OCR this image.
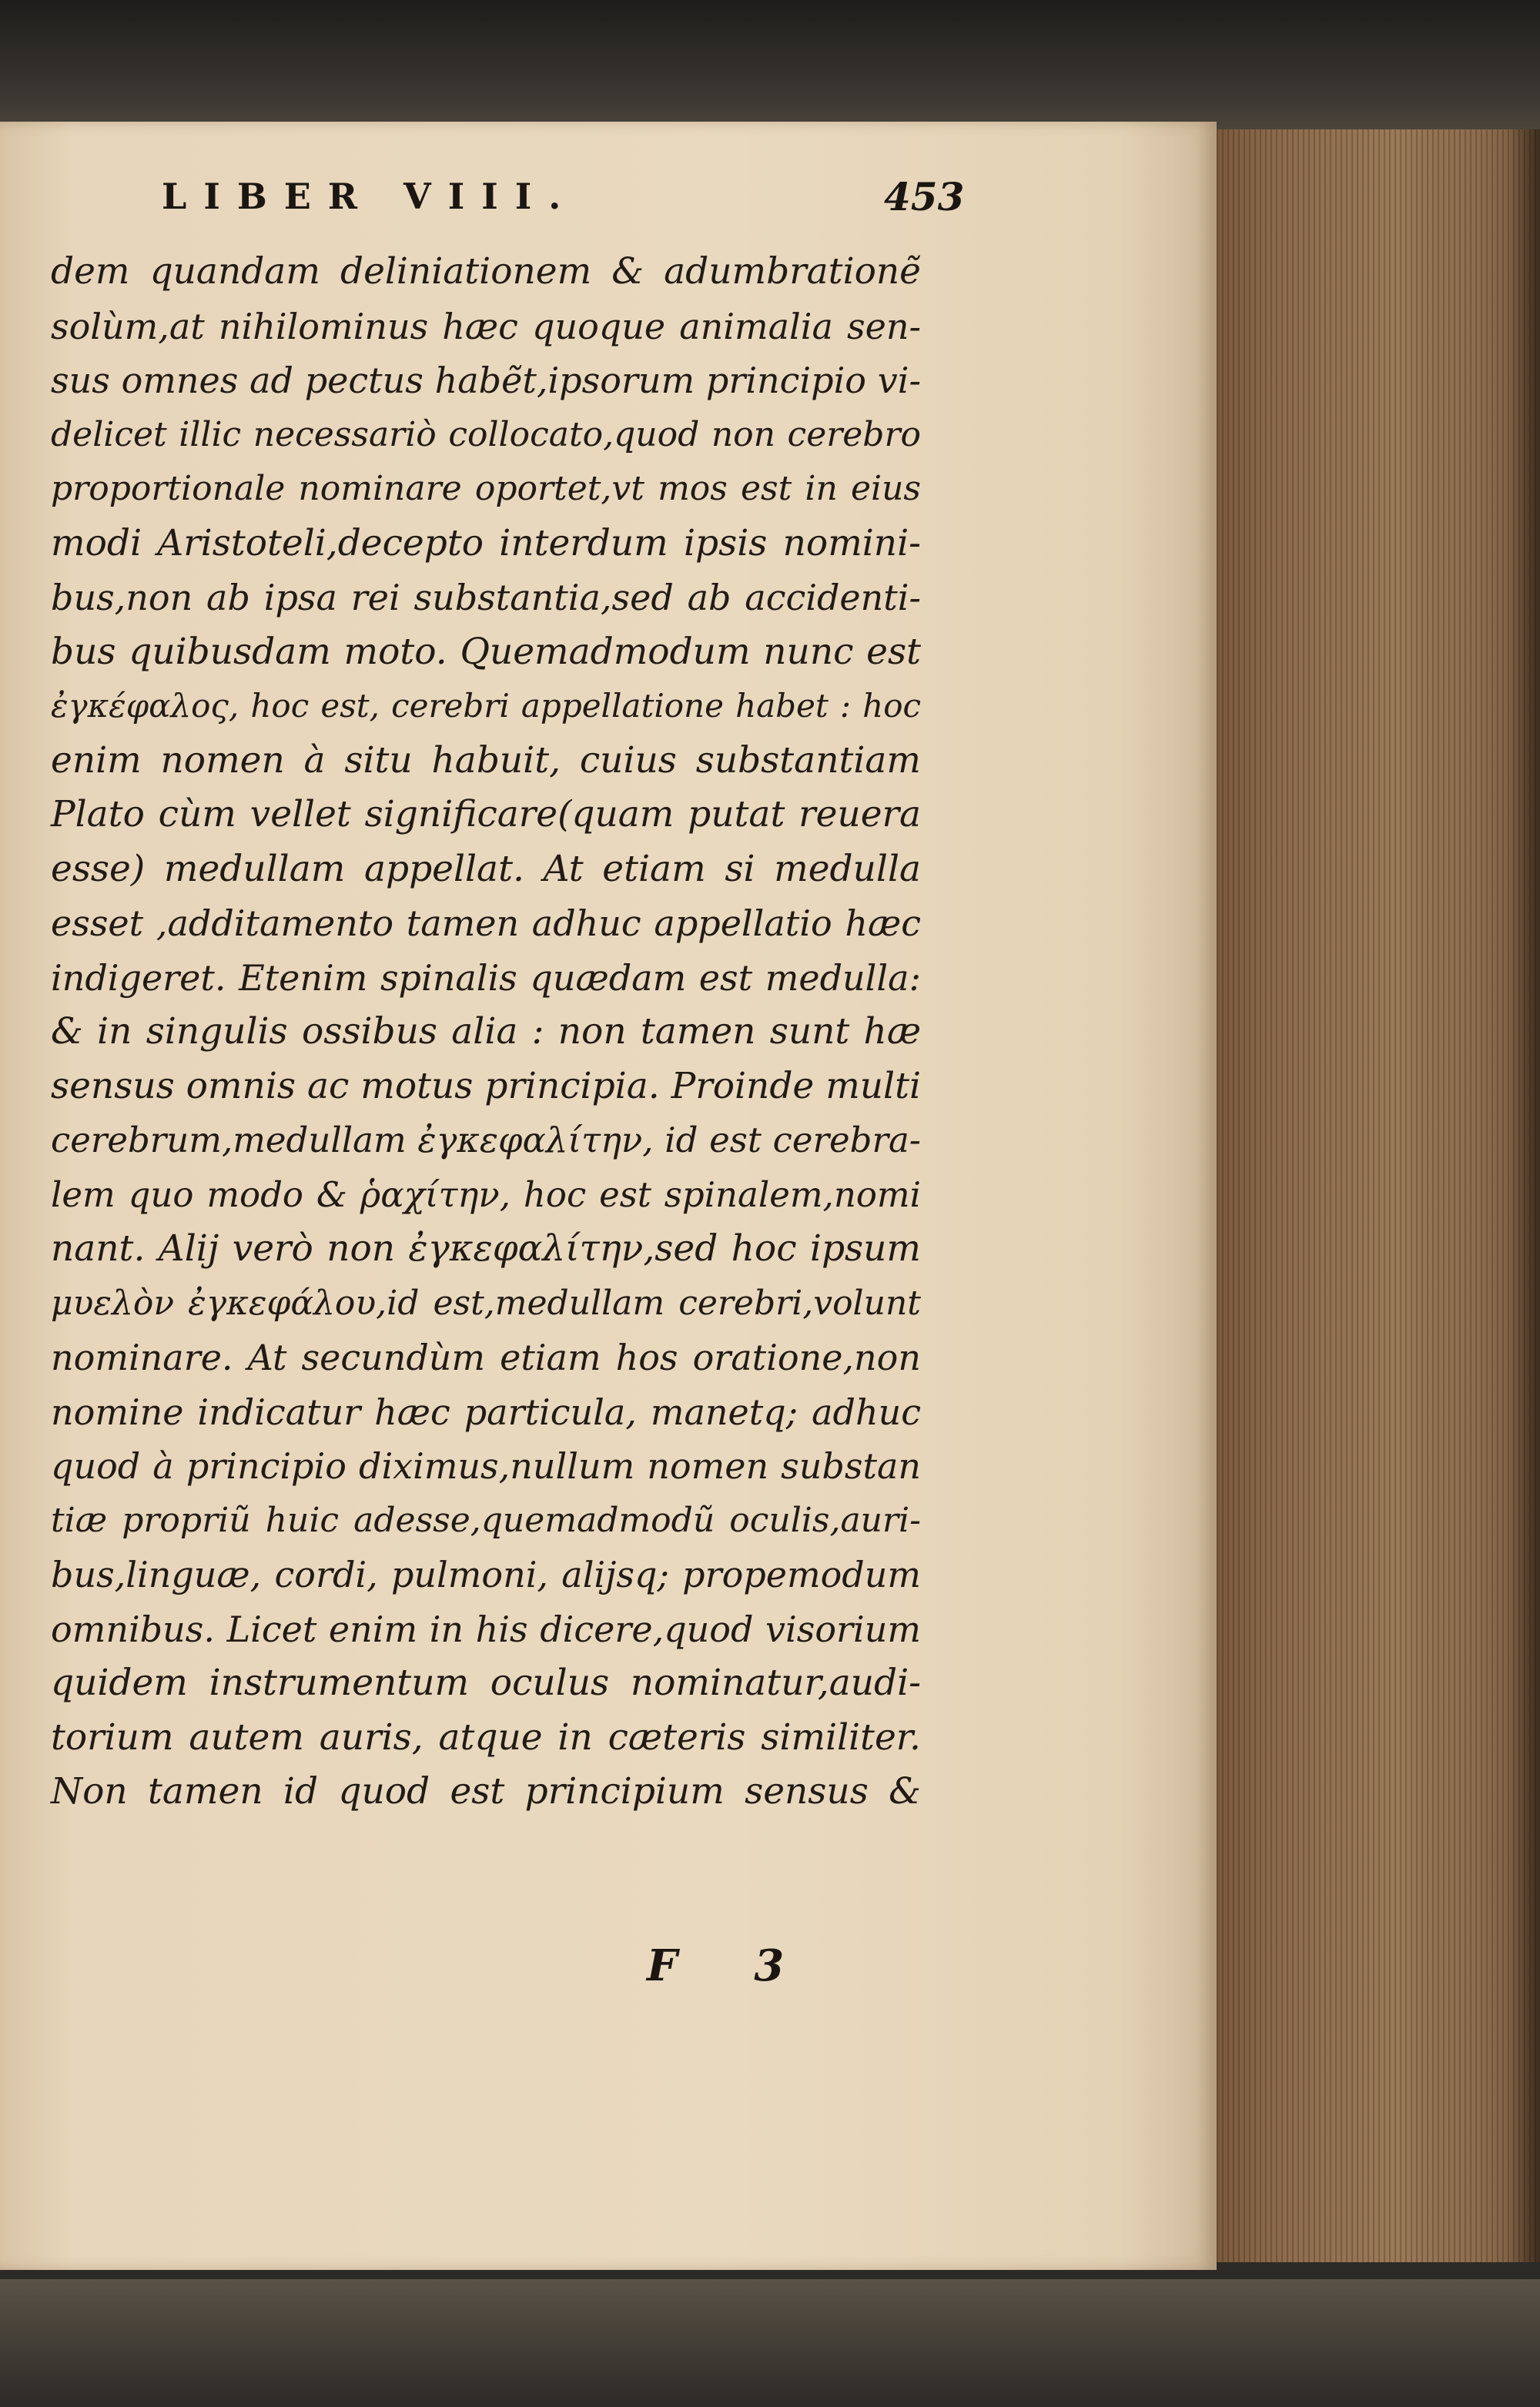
LIBER VIII.	453
dem quandam deliniationem & adumbrationẽ
solùm,at nihilominus hæc quoque animalia sen-
sus omnes ad pectus habẽt,ipsorum principio vi-
delicet illic necessariò collocato,quod non cerebro
proportionale nominare oportet,vt mos est in eius
modi Aristoteli,decepto interdum ipsis nomini-
bus,non ab ipsa rei substantia,sed ab accidenti-
bus quibusdam moto. Quemadmodum nunc est
ἐγκέφαλος, hoc est, cerebri appellatione habet : hoc
enim nomen à situ habuit, cuius substantiam
Plato cùm vellet significare(quam putat reuera
esse) medullam appellat. At etiam si medulla
esset ,additamento tamen adhuc appellatio hæc
indigeret. Etenim spinalis quædam est medulla:
& in singulis ossibus alia : non tamen sunt hæ
sensus omnis ac motus principia. Proinde multi
cerebrum,medullam ἐγκεφαλίτην, id est cerebra-
lem quo modo & ῥαχίτην, hoc est spinalem,nomi
nant. Alij verò non ἐγκεφαλίτην,sed hoc ipsum
μυελὸν ἐγκεφάλου,id est,medullam cerebri,volunt
nominare. At secundùm etiam hos oratione,non
nomine indicatur hæc particula, manetq; adhuc
quod à principio diximus,nullum nomen substan
tiæ propriũ huic adesse,quemadmodũ oculis,auri-
bus,linguæ, cordi, pulmoni, alijsq; propemodum
omnibus. Licet enim in his dicere,quod visorium
quidem instrumentum oculus nominatur,audi-
torium autem auris, atque in cæteris similiter.
Non tamen id quod est principium sensus &
F 3
